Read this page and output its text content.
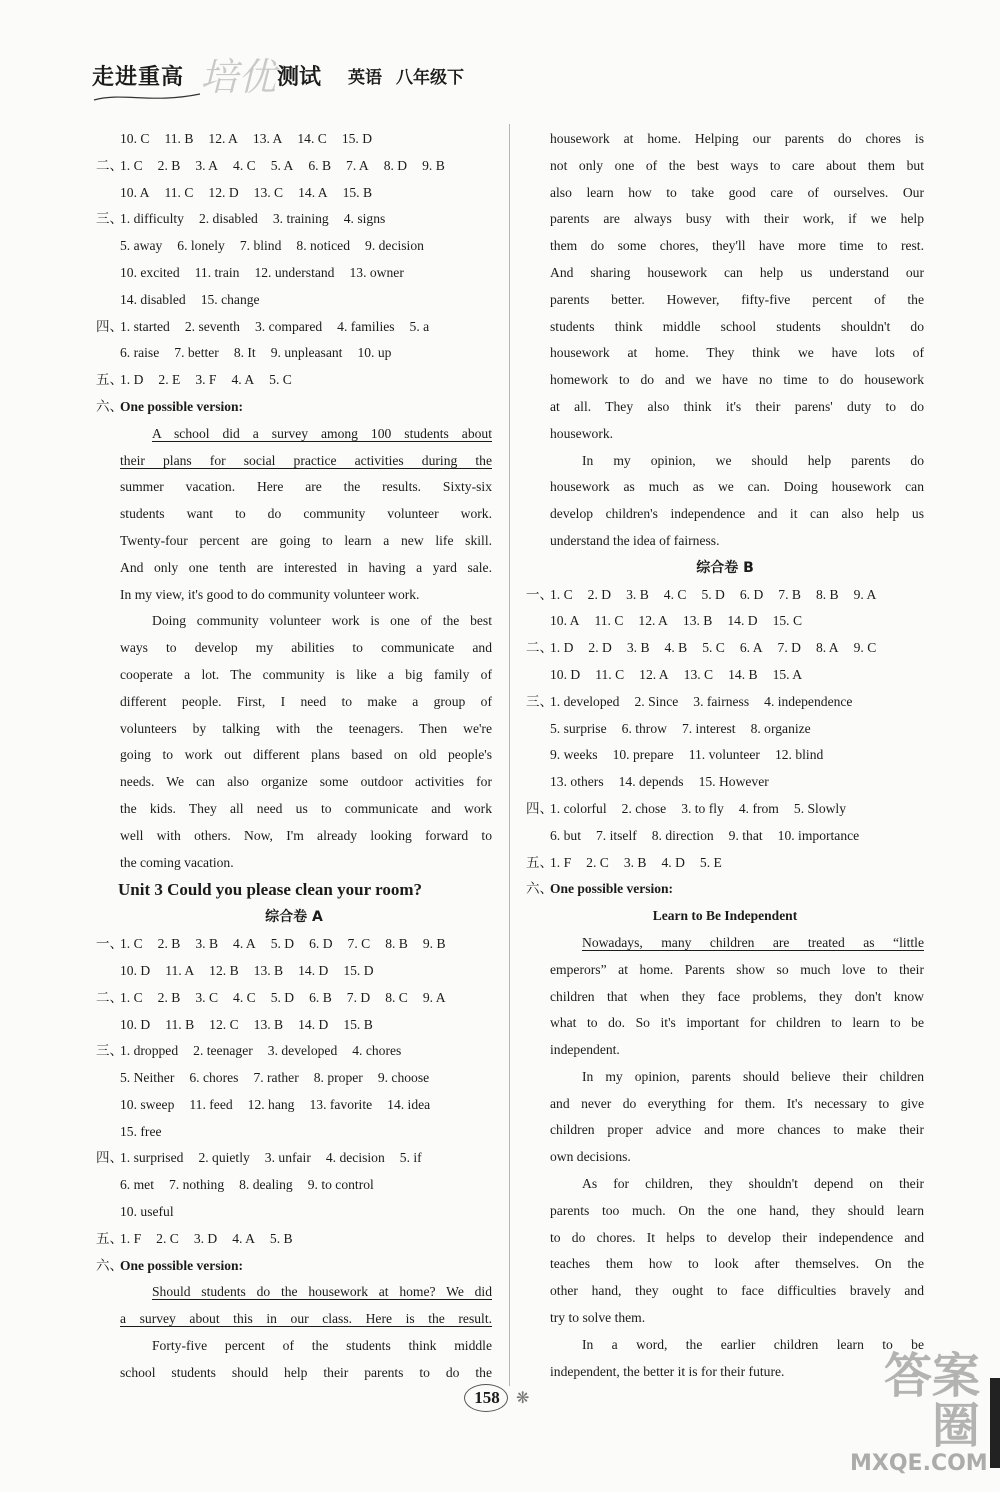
走进重高 培优 测试 英语 八年级下
10. C 11. B 12. A 13. A 14. C 15. D
二、1. C 2. B 3. A 4. C 5. A 6. B 7. A 8. D 9. B
10. A 11. C 12. D 13. C 14. A 15. B
三、1. difficulty 2. disabled 3. training 4. signs
5. away 6. lonely 7. blind 8. noticed 9. decision
10. excited 11. train 12. understand 13. owner
14. disabled 15. change
四、1. started 2. seventh 3. compared 4. families 5. a
6. raise 7. better 8. It 9. unpleasant 10. up
五、1. D 2. E 3. F 4. A 5. C
六、One possible version:
A school did a survey among 100 students about
their plans for social practice activities during the
summer vacation. Here are the results. Sixty-six
students want to do community volunteer work.
Twenty-four percent are going to learn a new life skill.
And only one tenth are interested in having a yard sale.
In my view, it's good to do community volunteer work.
Doing community volunteer work is one of the best
ways to develop my abilities to communicate and
cooperate a lot. The community is like a big family of
different people. First, I need to make a group of
volunteers by talking with the teenagers. Then we're
going to work out different plans based on old people's
needs. We can also organize some outdoor activities for
the kids. They all need us to communicate and work
well with others. Now, I'm already looking forward to
the coming vacation.
Unit 3 Could you please clean your room?
综合卷 A
一、1. C 2. B 3. B 4. A 5. D 6. D 7. C 8. B 9. B
10. D 11. A 12. B 13. B 14. D 15. D
二、1. C 2. B 3. C 4. C 5. D 6. B 7. D 8. C 9. A
10. D 11. B 12. C 13. B 14. D 15. B
三、1. dropped 2. teenager 3. developed 4. chores
5. Neither 6. chores 7. rather 8. proper 9. choose
10. sweep 11. feed 12. hang 13. favorite 14. idea
15. free
四、1. surprised 2. quietly 3. unfair 4. decision 5. if
6. met 7. nothing 8. dealing 9. to control
10. useful
五、1. F 2. C 3. D 4. A 5. B
六、One possible version:
Should students do the housework at home? We did
a survey about this in our class. Here is the result.
Forty-five percent of the students think middle
school students should help their parents to do the
housework at home. Helping our parents do chores is
not only one of the best ways to care about them but
also learn how to take good care of ourselves. Our
parents are always busy with their work, if we help
them do some chores, they'll have more time to rest.
And sharing housework can help us understand our
parents better. However, fifty-five percent of the
students think middle school students shouldn't do
housework at home. They think we have lots of
homework to do and we have no time to do housework
at all. They also think it's their parens' duty to do
housework.
In my opinion, we should help parents do
housework as much as we can. Doing housework can
develop children's independence and it can also help us
understand the idea of fairness.
综合卷 B
一、1. C 2. D 3. B 4. C 5. D 6. D 7. B 8. B 9. A
10. A 11. C 12. A 13. B 14. D 15. C
二、1. D 2. D 3. B 4. B 5. C 6. A 7. D 8. A 9. C
10. D 11. C 12. A 13. C 14. B 15. A
三、1. developed 2. Since 3. fairness 4. independence
5. surprise 6. throw 7. interest 8. organize
9. weeks 10. prepare 11. volunteer 12. blind
13. others 14. depends 15. However
四、1. colorful 2. chose 3. to fly 4. from 5. Slowly
6. but 7. itself 8. direction 9. that 10. importance
五、1. F 2. C 3. B 4. D 5. E
六、One possible version:
Learn to Be Independent
Nowadays, many children are treated as “little
emperors” at home. Parents show so much love to their
children that when they face problems, they don't know
what to do. So it's important for children to learn to be
independent.
In my opinion, parents should believe their children
and never do everything for them. It's necessary to give
children proper advice and more chances to make their
own decisions.
As for children, they shouldn't depend on their
parents too much. On the one hand, they should learn
to do chores. It helps to develop their independence and
teaches them how to look after themselves. On the
other hand, they ought to face difficulties bravely and
try to solve them.
In a word, the earlier children learn to be
independent, the better it is for their future.
158	❋	答案圈
MXQE.COM
